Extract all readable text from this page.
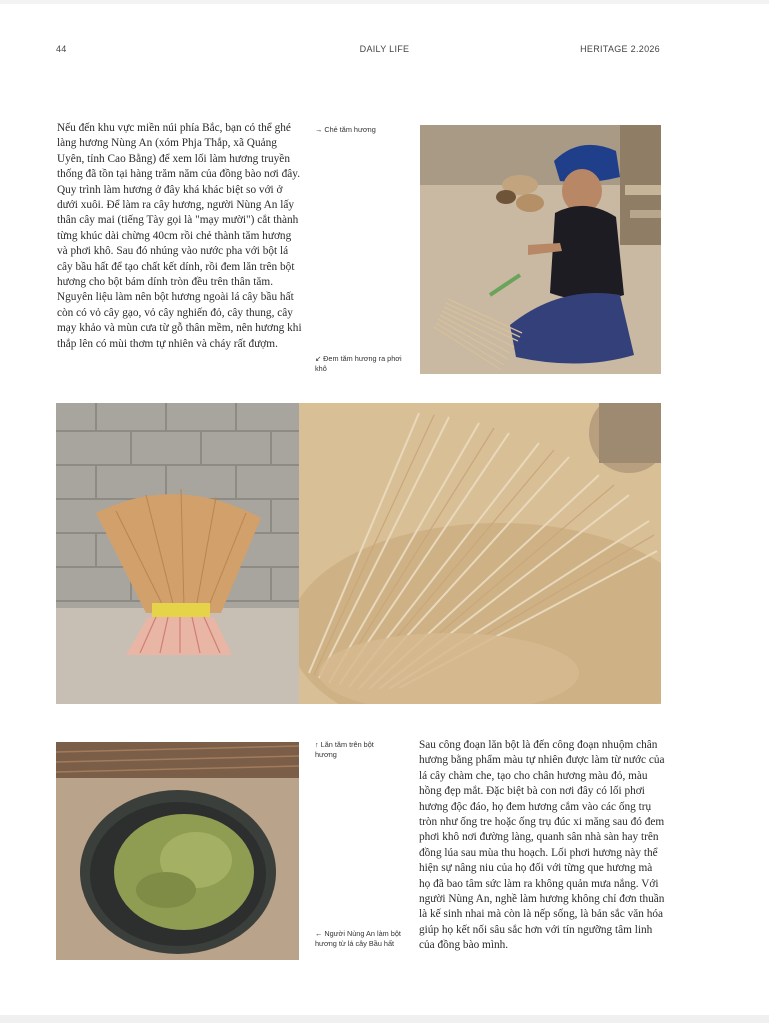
44	DAILY LIFE	HERITAGE 2.2026

Nếu đến khu vực miền núi phía Bắc, bạn có thể ghé làng hương Nùng An (xóm Phja Thắp, xã Quảng Uyên, tỉnh Cao Bằng) để xem lối làm hương truyền thống đã tồn tại hàng trăm năm của đồng bào nơi đây. Quy trình làm hương ở đây khá khác biệt so với ở dưới xuôi. Để làm ra cây hương, người Nùng An lấy thân cây mai (tiếng Tày gọi là "mạy mười") cắt thành từng khúc dài chừng 40cm rồi chẻ thành tăm hương và phơi khô. Sau đó nhúng vào nước pha với bột lá cây bầu hất để tạo chất kết dính, rồi đem lăn trên bột hương cho bột bám dính tròn đều trên thân tăm. Nguyên liệu làm nên bột hương ngoài lá cây bầu hất còn có vỏ cây gạo, vỏ cây nghiến đỏ, cây thung, cây mạy khảo và mùn cưa từ gỗ thân mềm, nên hương khi thắp lên có mùi thơm tự nhiên và cháy rất đượm.

→ Chẻ tăm hương
↙ Đem tăm hương ra phơi khô
↑ Lăn tăm trên bột hương
← Người Nùng An làm bột hương từ lá cây Bầu hất

Sau công đoạn lăn bột là đến công đoạn nhuộm chân hương bằng phẩm màu tự nhiên được làm từ nước của lá cây chàm che, tạo cho chân hương màu đỏ, màu hồng đẹp mắt. Đặc biệt bà con nơi đây có lối phơi hương độc đáo, họ đem hương cắm vào các ống trụ tròn như ống tre hoặc ống trụ đúc xi măng sau đó đem phơi khô nơi đường làng, quanh sân nhà sàn hay trên đồng lúa sau mùa thu hoạch. Lối phơi hương này thể hiện sự nâng niu của họ đối với từng que hương mà họ đã bao tâm sức làm ra không quản mưa nắng. Với người Nùng An, nghề làm hương không chỉ đơn thuần là kế sinh nhai mà còn là nếp sống, là bản sắc văn hóa giúp họ kết nối sâu sắc hơn với tín ngưỡng tâm linh của đồng bào mình.
